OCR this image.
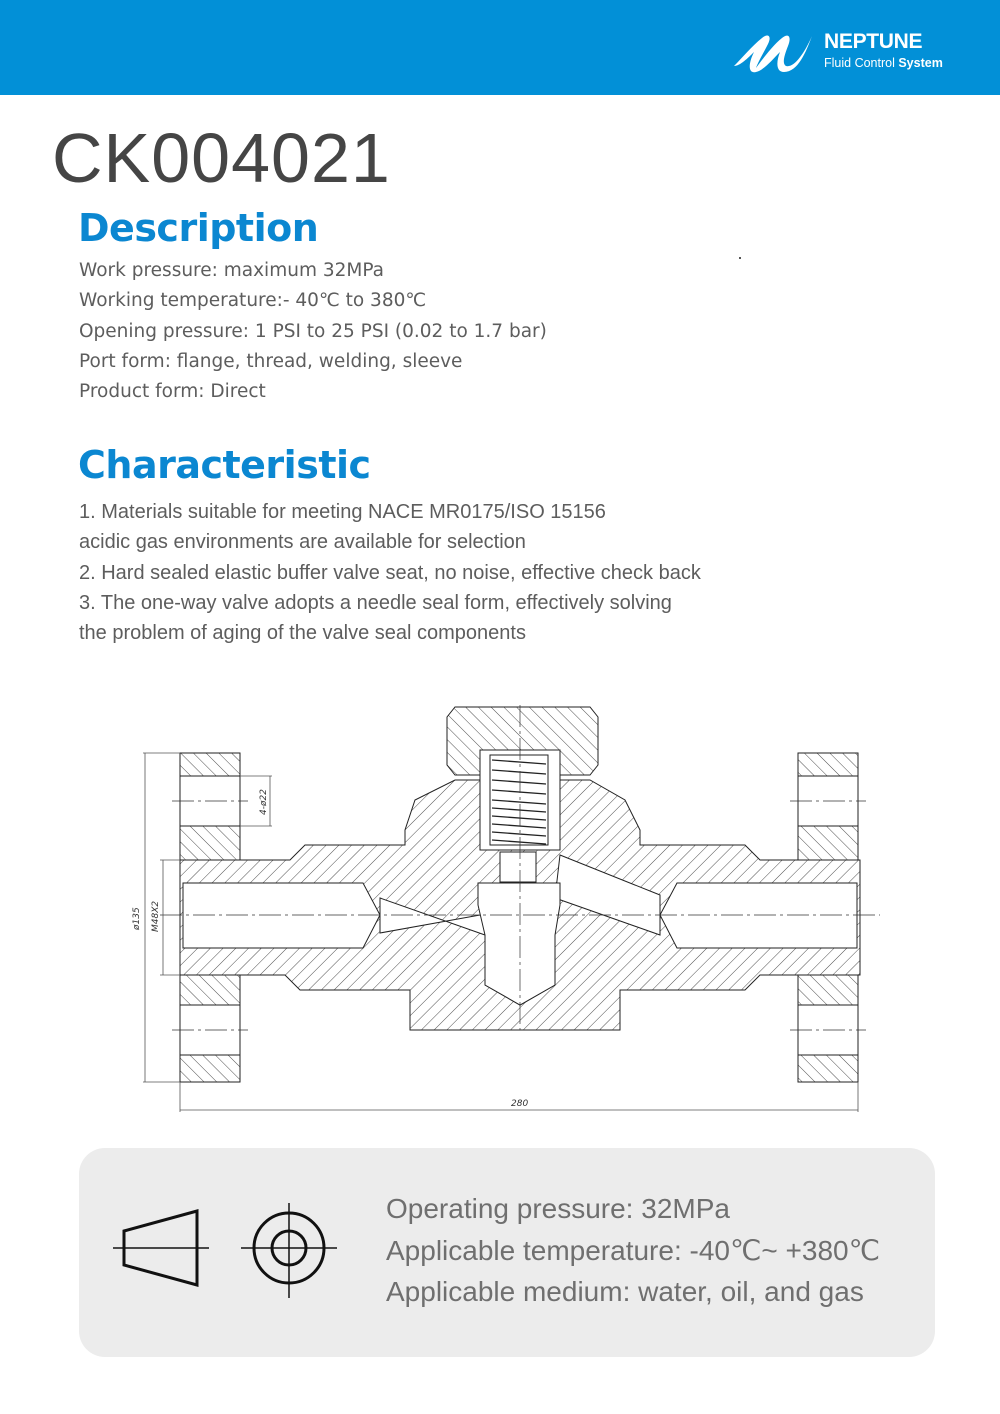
NEPTUNE
Fluid Control System
CK004021
Description
Work pressure: maximum 32MPa
Working temperature:- 40℃ to 380℃
Opening pressure: 1 PSI to 25 PSI (0.02 to 1.7 bar)
Port form: flange, thread, welding, sleeve
Product form: Direct
Characteristic
1. Materials suitable for meeting NACE MR0175/ISO 15156
acidic gas environments are available for selection
2. Hard sealed elastic buffer valve seat, no noise, effective check back
3. The one-way valve adopts a needle seal form, effectively solving
the problem of aging of the valve seal components
ø135 M48X2
4-ø22
280
Operating pressure: 32MPa
Applicable temperature: -40℃~ +380℃
Applicable medium: water, oil, and gas
